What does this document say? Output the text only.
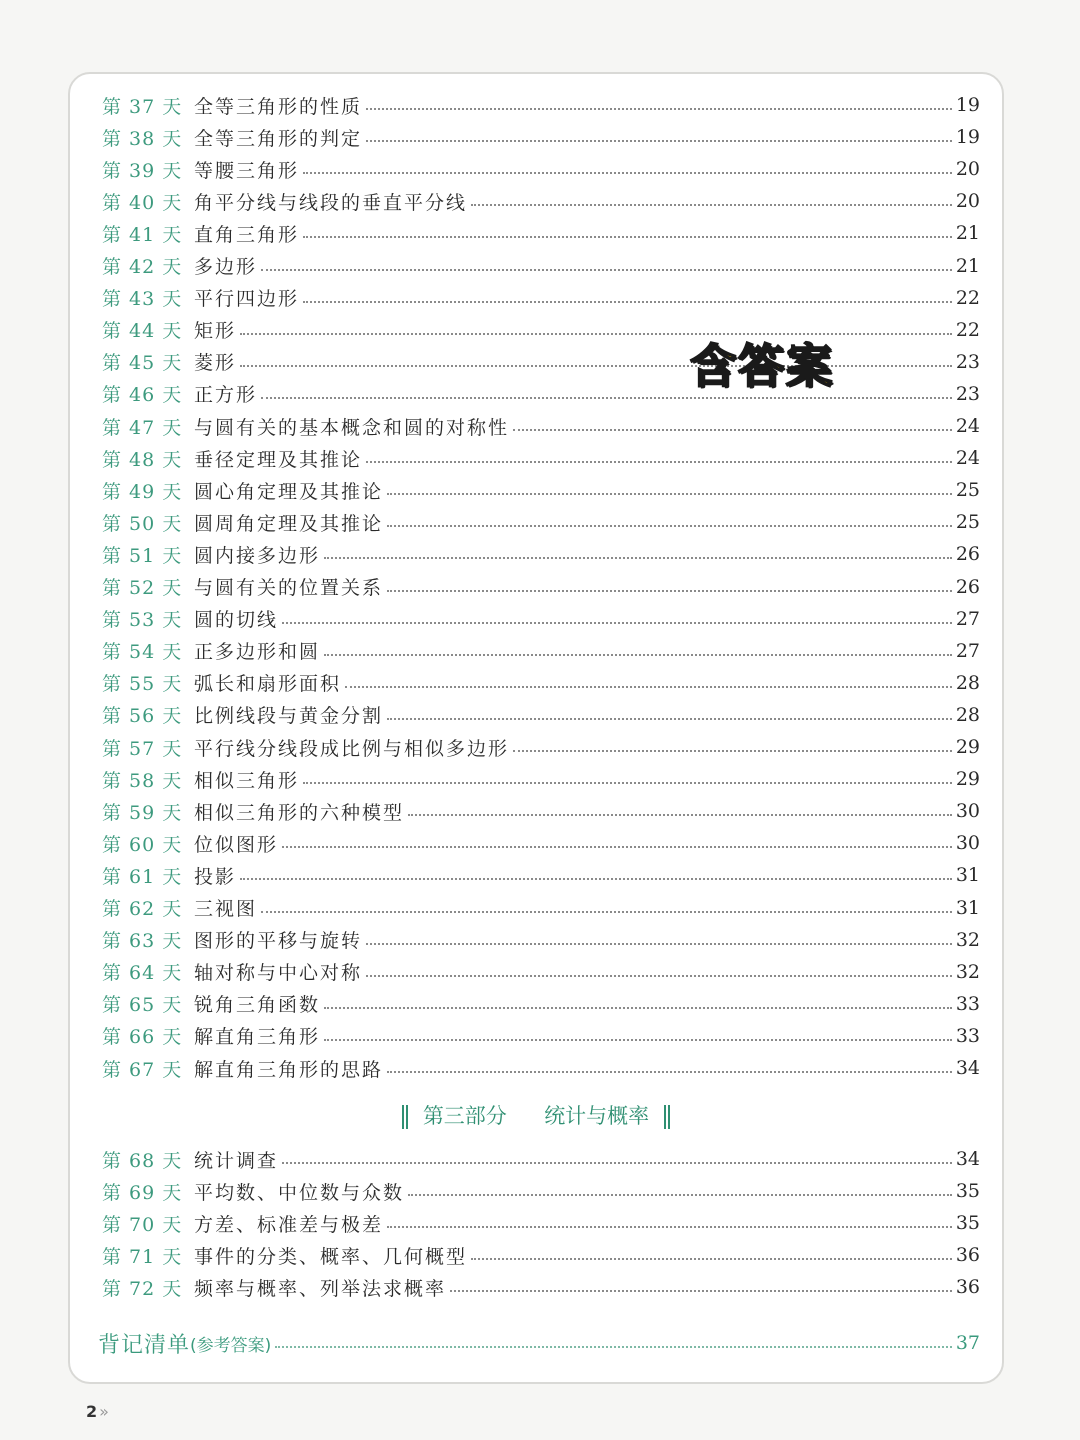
第 37 天 全等三角形的性质	19
第 38 天 全等三角形的判定	19
第 39 天 等腰三角形	20
第 40 天 角平分线与线段的垂直平分线	20
第 41 天 直角三角形	21
第 42 天 多边形	21
第 43 天 平行四边形	22
第 44 天 矩形	22
第 45 天 菱形	23
第 46 天 正方形	23
第 47 天 与圆有关的基本概念和圆的对称性	24
第 48 天 垂径定理及其推论	24
第 49 天 圆心角定理及其推论	25
第 50 天 圆周角定理及其推论	25
第 51 天 圆内接多边形	26
第 52 天 与圆有关的位置关系	26
第 53 天 圆的切线	27
第 54 天 正多边形和圆	27
第 55 天 弧长和扇形面积	28
第 56 天 比例线段与黄金分割	28
第 57 天 平行线分线段成比例与相似多边形	29
第 58 天 相似三角形	29
第 59 天 相似三角形的六种模型	30
第 60 天 位似图形	30
第 61 天 投影	31
第 62 天 三视图	31
第 63 天 图形的平移与旋转	32
第 64 天 轴对称与中心对称	32
第 65 天 锐角三角函数	33
第 66 天 解直角三角形	33
第 67 天 解直角三角形的思路	34
第三部分 统计与概率
第 68 天 统计调查	34
第 69 天 平均数、中位数与众数	35
第 70 天 方差、标准差与极差	35
第 71 天 事件的分类、概率、几何概型	36
第 72 天 频率与概率、列举法求概率	36
背记清单 (参考答案)	37
含答案
2 »
